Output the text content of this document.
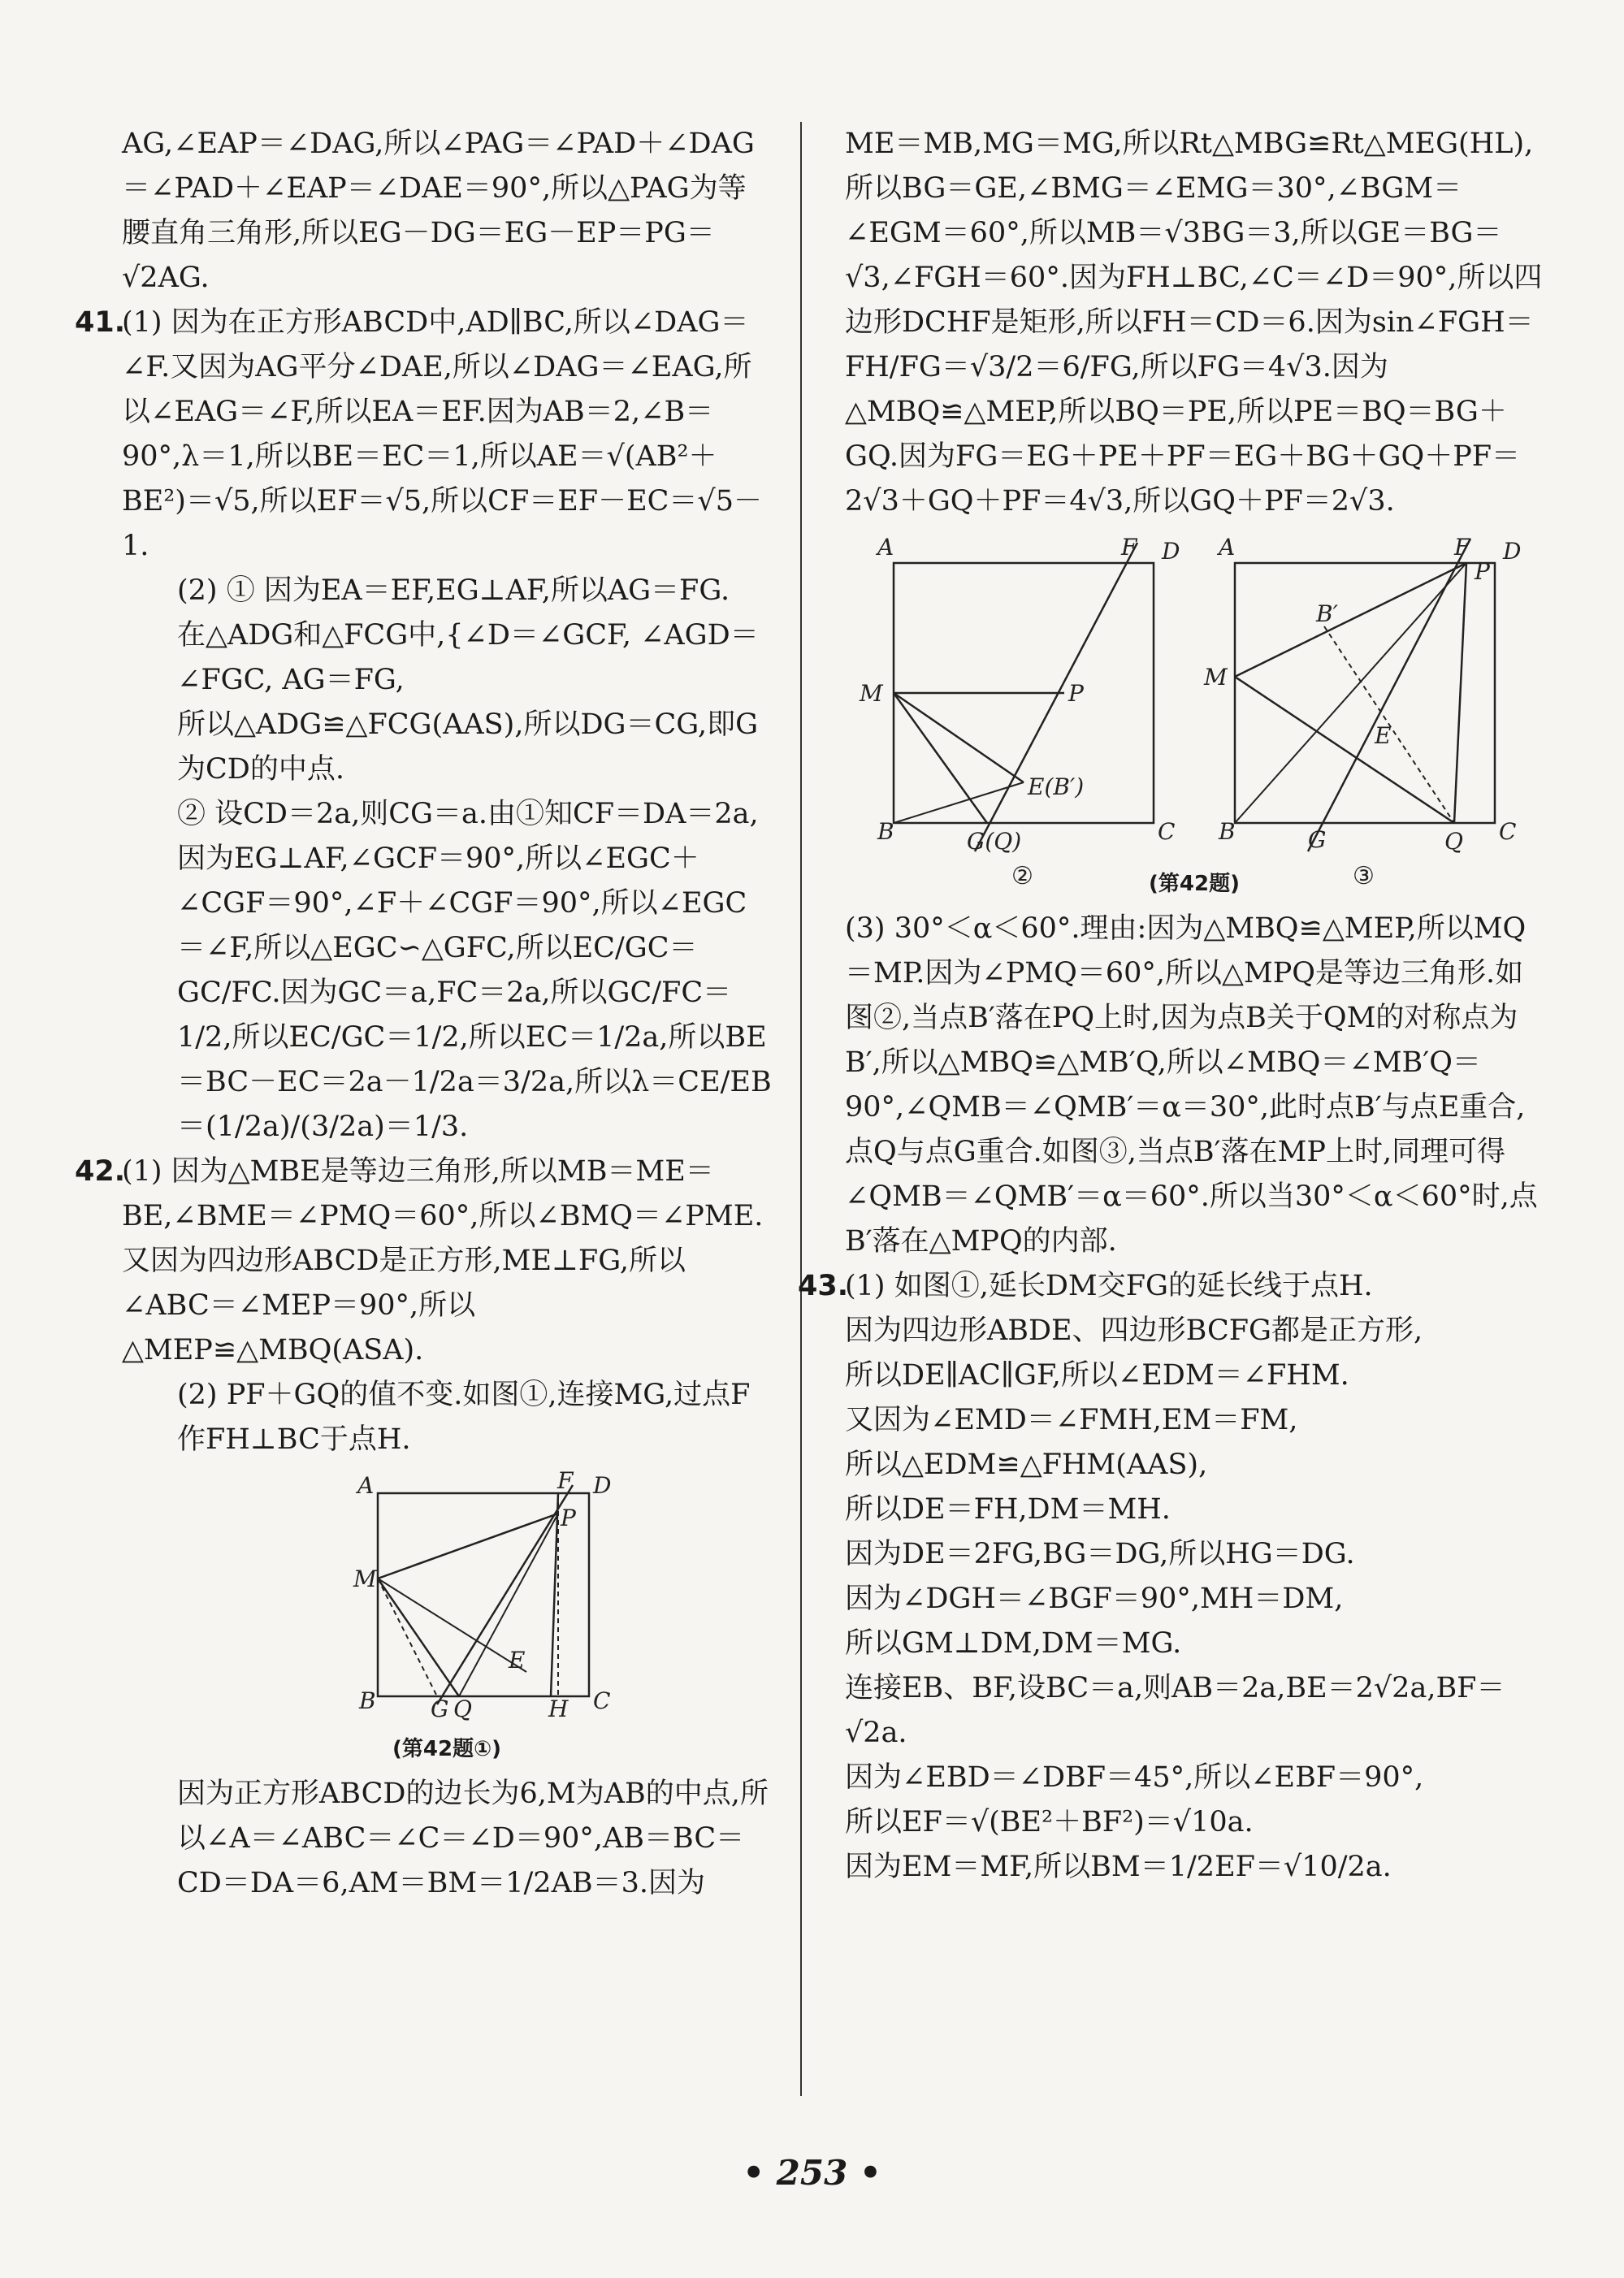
AG,∠EAP＝∠DAG,所以∠PAG＝∠PAD＋∠DAG＝∠PAD＋∠EAP＝∠DAE＝90°,所以△PAG为等腰直角三角形,所以EG－DG＝EG－EP＝PG＝√2AG.

41.(1) 因为在正方形ABCD中,AD∥BC,所以∠DAG＝∠F.又因为AG平分∠DAE,所以∠DAG＝∠EAG,所以∠EAG＝∠F,所以EA＝EF.因为AB＝2,∠B＝90°,λ＝1,所以BE＝EC＝1,所以AE＝√(AB²＋BE²)＝√5,所以EF＝√5,所以CF＝EF－EC＝√5－1.

(2) ① 因为EA＝EF,EG⊥AF,所以AG＝FG.

在△ADG和△FCG中,{∠D＝∠GCF, ∠AGD＝∠FGC, AG＝FG,

所以△ADG≌△FCG(AAS),所以DG＝CG,即G为CD的中点.

② 设CD＝2a,则CG＝a.由①知CF＝DA＝2a,因为EG⊥AF,∠GCF＝90°,所以∠EGC＋∠CGF＝90°,∠F＋∠CGF＝90°,所以∠EGC＝∠F,所以△EGC∽△GFC,所以EC/GC＝GC/FC.因为GC＝a,FC＝2a,所以GC/FC＝1/2,所以EC/GC＝1/2,所以EC＝1/2a,所以BE＝BC－EC＝2a－1/2a＝3/2a,所以λ＝CE/EB＝(1/2a)/(3/2a)＝1/3.

42.(1) 因为△MBE是等边三角形,所以MB＝ME＝BE,∠BME＝∠PMQ＝60°,所以∠BMQ＝∠PME.又因为四边形ABCD是正方形,ME⊥FG,所以∠ABC＝∠MEP＝90°,所以△MEP≌△MBQ(ASA).

(2) PF＋GQ的值不变.如图①,连接MG,过点F作FH⊥BC于点H.

A	D
M
B	C
F
P
E
G Q	H

(第42题①)

因为正方形ABCD的边长为6,M为AB的中点,所以∠A＝∠ABC＝∠C＝∠D＝90°,AB＝BC＝CD＝DA＝6,AM＝BM＝1/2AB＝3.因为

ME＝MB,MG＝MG,所以Rt△MBG≌Rt△MEG(HL),所以BG＝GE,∠BMG＝∠EMG＝30°,∠BGM＝∠EGM＝60°,所以MB＝√3BG＝3,所以GE＝BG＝√3,∠FGH＝60°.因为FH⊥BC,∠C＝∠D＝90°,所以四边形DCHF是矩形,所以FH＝CD＝6.因为sin∠FGH＝FH/FG＝√3/2＝6/FG,所以FG＝4√3.因为△MBQ≌△MEP,所以BQ＝PE,所以PE＝BQ＝BG＋GQ.因为FG＝EG＋PE＋PF＝EG＋BG＋GQ＋PF＝2√3＋GQ＋PF＝4√3,所以GQ＋PF＝2√3.

A	D
M
B	C
F
P
E(B′)
G(Q)
②
A	D
M
B	C
F
P
B′
E
G	Q
③

(第42题)

(3) 30°＜α＜60°.理由:因为△MBQ≌△MEP,所以MQ＝MP.因为∠PMQ＝60°,所以△MPQ是等边三角形.如图②,当点B′落在PQ上时,因为点B关于QM的对称点为B′,所以△MBQ≌△MB′Q,所以∠MBQ＝∠MB′Q＝90°,∠QMB＝∠QMB′＝α＝30°,此时点B′与点E重合,点Q与点G重合.如图③,当点B′落在MP上时,同理可得∠QMB＝∠QMB′＝α＝60°.所以当30°＜α＜60°时,点B′落在△MPQ的内部.

43.(1) 如图①,延长DM交FG的延长线于点H.

因为四边形ABDE、四边形BCFG都是正方形,

所以DE∥AC∥GF,所以∠EDM＝∠FHM.

又因为∠EMD＝∠FMH,EM＝FM,

所以△EDM≌△FHM(AAS),

所以DE＝FH,DM＝MH.

因为DE＝2FG,BG＝DG,所以HG＝DG.

因为∠DGH＝∠BGF＝90°,MH＝DM,

所以GM⊥DM,DM＝MG.

连接EB、BF,设BC＝a,则AB＝2a,BE＝2√2a,BF＝√2a.

因为∠EBD＝∠DBF＝45°,所以∠EBF＝90°,

所以EF＝√(BE²＋BF²)＝√10a.

因为EM＝MF,所以BM＝1/2EF＝√10/2a.

• 253 •
